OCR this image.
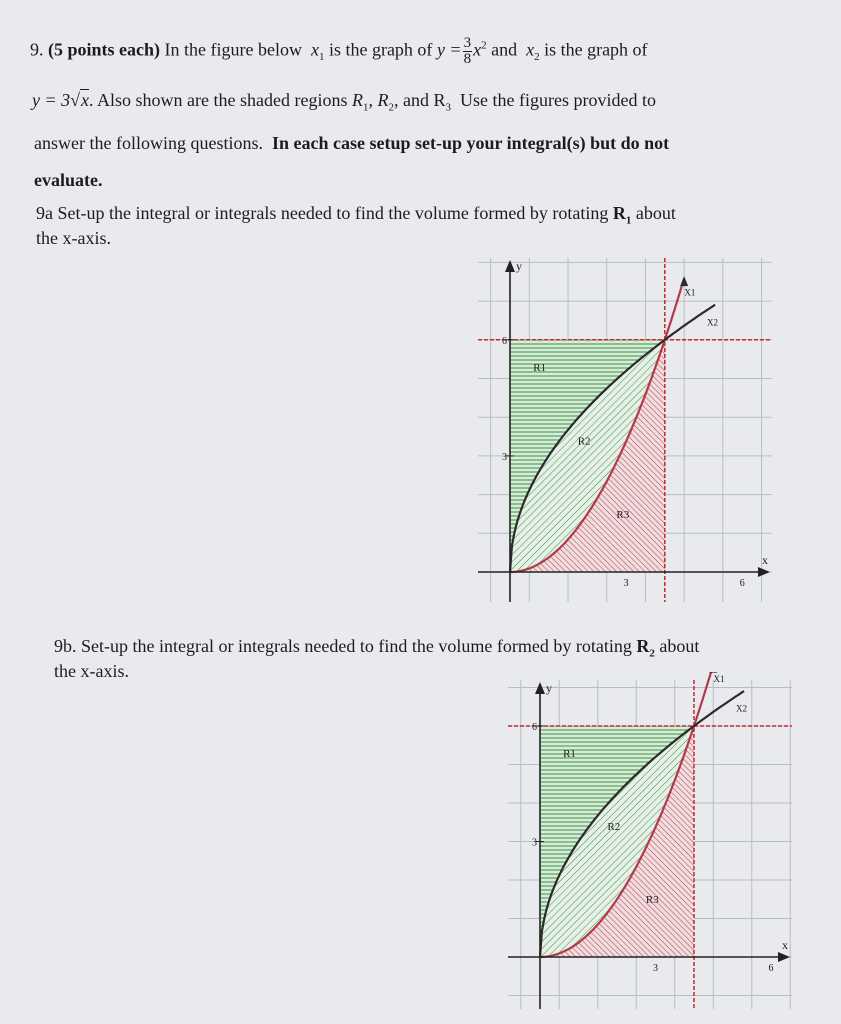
9. (5 points each) In the figure below $x_1$ is the graph of $y = \frac{3}{8} x^2$ and $x_2$ is the graph of
y = 3√x. Also shown are the shaded regions $R_1$, $R_2$, and $R_3$ Use the figures provided to
answer the following questions. In each case setup set-up your integral(s) but do not
evaluate.
9a Set-up the integral or integrals needed to find the volume formed by rotating $R_1$ about
the x-axis.
y
x
6
3
3	6
X1
X2
R1
R2
R3
9b. Set-up the integral or integrals needed to find the volume formed by rotating $R_2$ about
the x-axis.
y
x
6
3
3	6
X1
X2
R1
R2
R3
